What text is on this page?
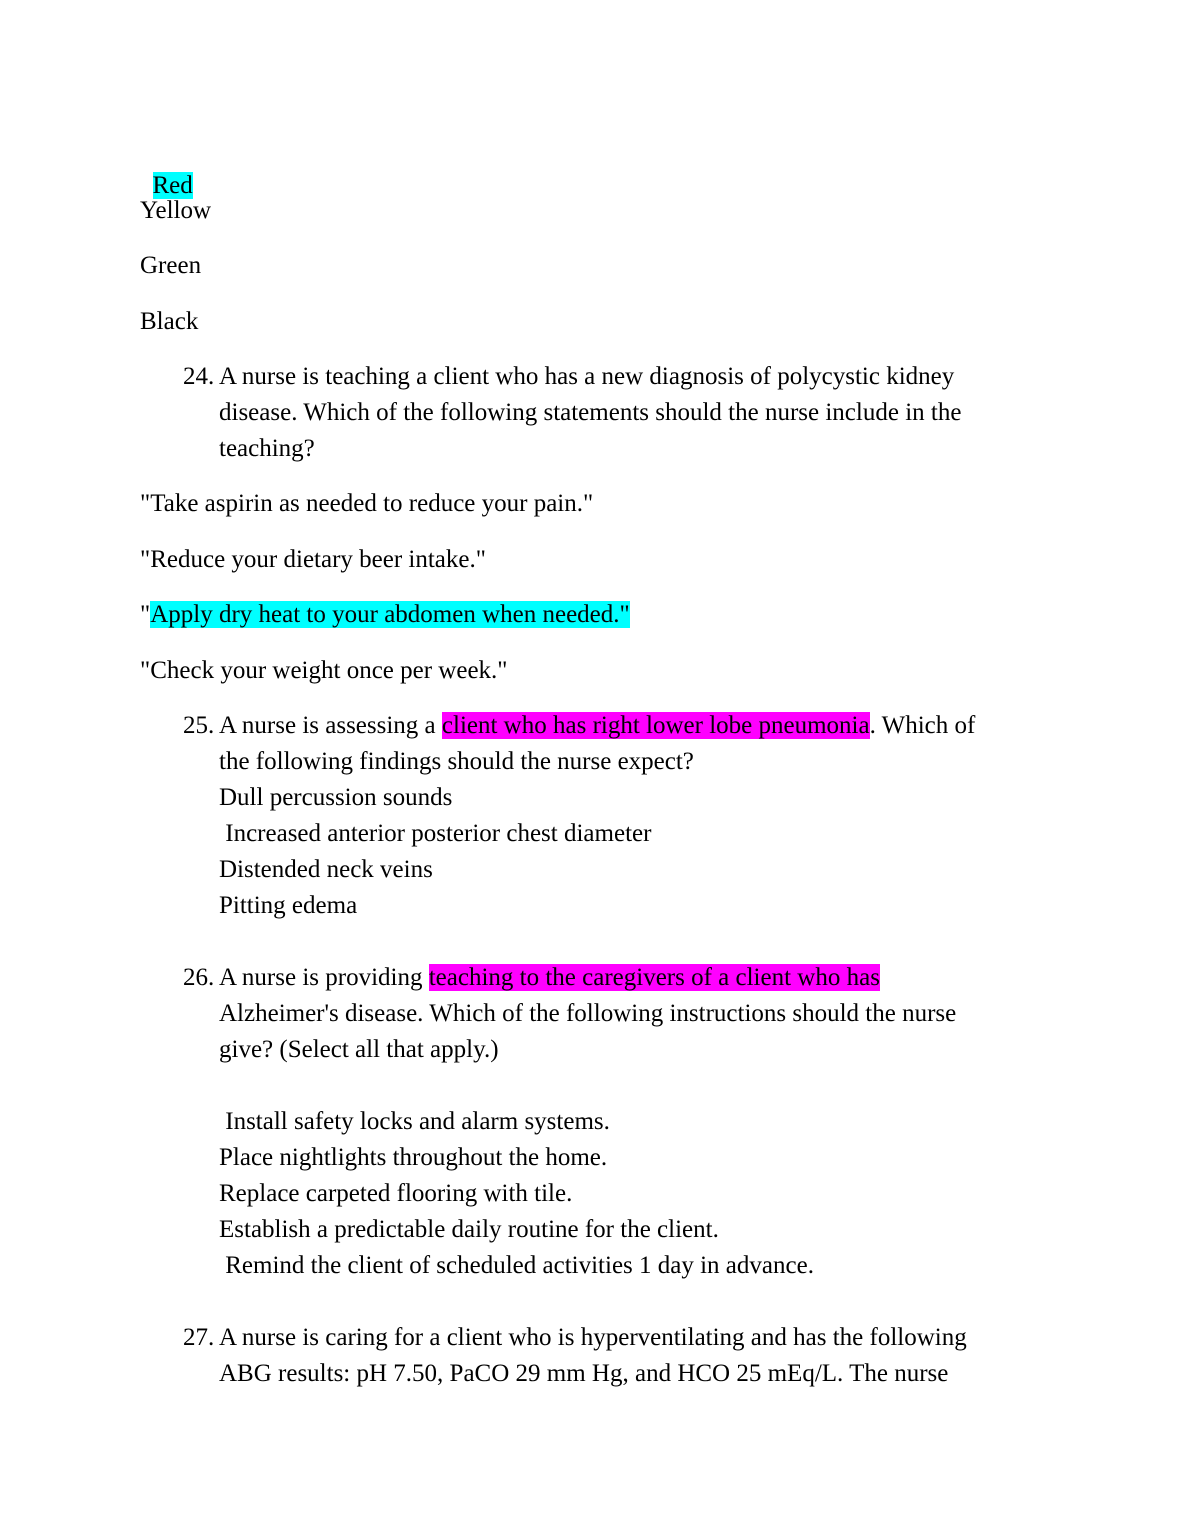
Red

Yellow
Green
Black
24. A nurse is teaching a client who has a new diagnosis of polycystic kidney
disease. Which of the following statements should the nurse include in the
teaching?
"Take aspirin as needed to reduce your pain."
"Reduce your dietary beer intake."
"Apply dry heat to your abdomen when needed."
"Check your weight once per week."
25. A nurse is assessing a client who has right lower lobe pneumonia. Which of
the following findings should the nurse expect?
Dull percussion sounds
Increased anterior posterior chest diameter
Distended neck veins
Pitting edema
26. A nurse is providing teaching to the caregivers of a client who has
Alzheimer's disease. Which of the following instructions should the nurse
give? (Select all that apply.)
Install safety locks and alarm systems.
Place nightlights throughout the home.
Replace carpeted flooring with tile.
Establish a predictable daily routine for the client.
Remind the client of scheduled activities 1 day in advance.
27. A nurse is caring for a client who is hyperventilating and has the following
ABG results: pH 7.50, PaCO 29 mm Hg, and HCO 25 mEq/L. The nurse
